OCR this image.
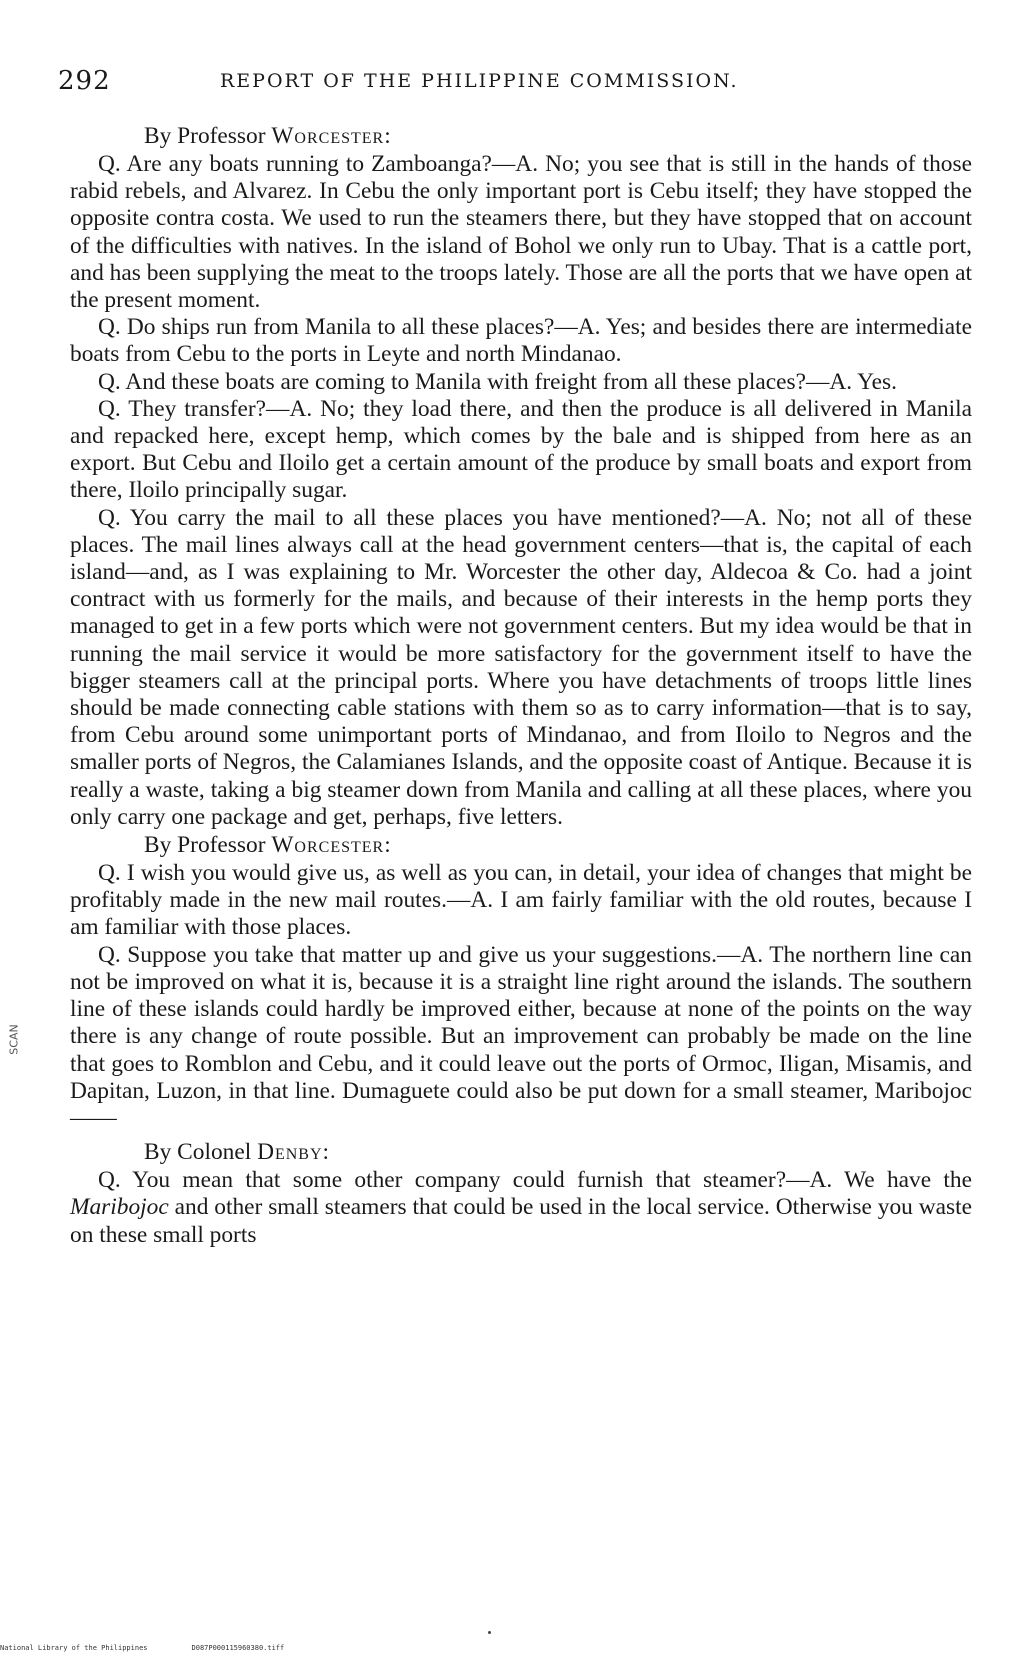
292	REPORT OF THE PHILIPPINE COMMISSION.

By Professor Worcester:

Q. Are any boats running to Zamboanga?—A. No; you see that is still in the hands of those rabid rebels, and Alvarez. In Cebu the only important port is Cebu itself; they have stopped the opposite contra costa. We used to run the steamers there, but they have stopped that on account of the difficulties with natives. In the island of Bohol we only run to Ubay. That is a cattle port, and has been supplying the meat to the troops lately. Those are all the ports that we have open at the present moment.

Q. Do ships run from Manila to all these places?—A. Yes; and besides there are intermediate boats from Cebu to the ports in Leyte and north Mindanao.

Q. And these boats are coming to Manila with freight from all these places?—A. Yes.

Q. They transfer?—A. No; they load there, and then the produce is all delivered in Manila and repacked here, except hemp, which comes by the bale and is shipped from here as an export. But Cebu and Iloilo get a certain amount of the produce by small boats and export from there, Iloilo principally sugar.

Q. You carry the mail to all these places you have mentioned?—A. No; not all of these places. The mail lines always call at the head government centers—that is, the capital of each island—and, as I was explaining to Mr. Worcester the other day, Aldecoa & Co. had a joint contract with us formerly for the mails, and because of their interests in the hemp ports they managed to get in a few ports which were not government centers. But my idea would be that in running the mail service it would be more satisfactory for the government itself to have the bigger steamers call at the principal ports. Where you have detachments of troops little lines should be made connecting cable stations with them so as to carry information—that is to say, from Cebu around some unimportant ports of Mindanao, and from Iloilo to Negros and the smaller ports of Negros, the Calamianes Islands, and the opposite coast of Antique. Because it is really a waste, taking a big steamer down from Manila and calling at all these places, where you only carry one package and get, perhaps, five letters.

By Professor Worcester:

Q. I wish you would give us, as well as you can, in detail, your idea of changes that might be profitably made in the new mail routes.—A. I am fairly familiar with the old routes, because I am familiar with those places.

Q. Suppose you take that matter up and give us your suggestions.—A. The northern line can not be improved on what it is, because it is a straight line right around the islands. The southern line of these islands could hardly be improved either, because at none of the points on the way there is any change of route possible. But an improvement can probably be made on the line that goes to Romblon and Cebu, and it could leave out the ports of Ormoc, Iligan, Misamis, and Dapitan, Luzon, in that line. Dumaguete could also be put down for a small steamer, Maribojoc——

By Colonel Denby:

Q. You mean that some other company could furnish that steamer?—A. We have the Maribojoc and other small steamers that could be used in the local service. Otherwise you waste on these small ports

SCAN
National Library of the Philippines	D087P000115960380.tiff
